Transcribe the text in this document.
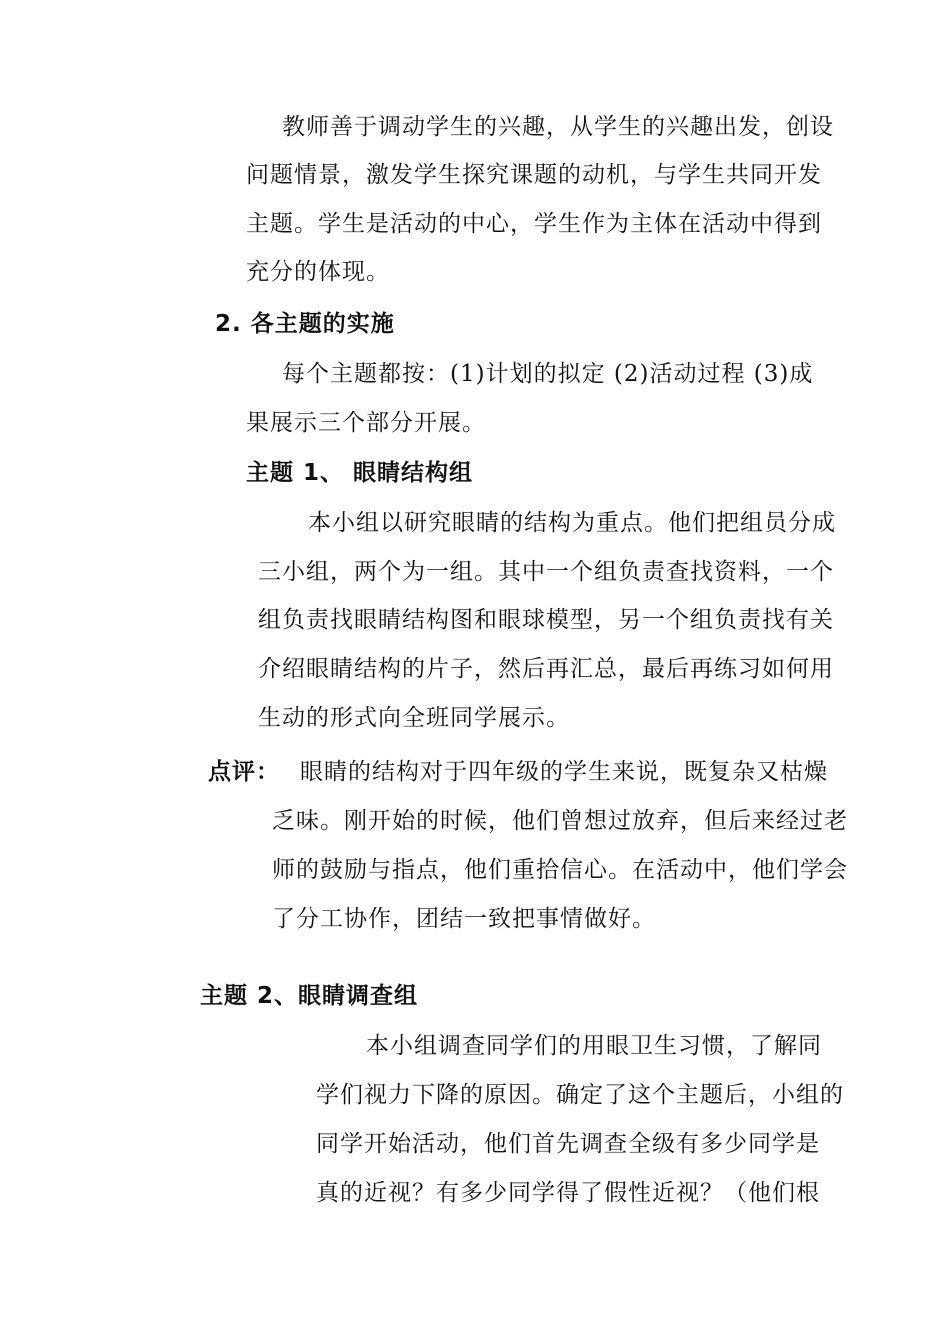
教师善于调动学生的兴趣，从学生的兴趣出发，创设
问题情景，激发学生探究课题的动机，与学生共同开发
主题。学生是活动的中心，学生作为主体在活动中得到
充分的体现。
2. 各主题的实施
每个主题都按：(1)计划的拟定 (2)活动过程 (3)成
果展示三个部分开展。
主题 1、 眼睛结构组
本小组以研究眼睛的结构为重点。他们把组员分成
三小组，两个为一组。其中一个组负责查找资料，一个
组负责找眼睛结构图和眼球模型，另一个组负责找有关
介绍眼睛结构的片子，然后再汇总，最后再练习如何用
生动的形式向全班同学展示。
点评： 眼睛的结构对于四年级的学生来说，既复杂又枯燥
乏味。刚开始的时候，他们曾想过放弃，但后来经过老
师的鼓励与指点，他们重拾信心。在活动中，他们学会
了分工协作，团结一致把事情做好。
主题 2、眼睛调查组
本小组调查同学们的用眼卫生习惯，了解同
学们视力下降的原因。确定了这个主题后，小组的
同学开始活动，他们首先调查全级有多少同学是
真的近视？有多少同学得了假性近视？（他们根
